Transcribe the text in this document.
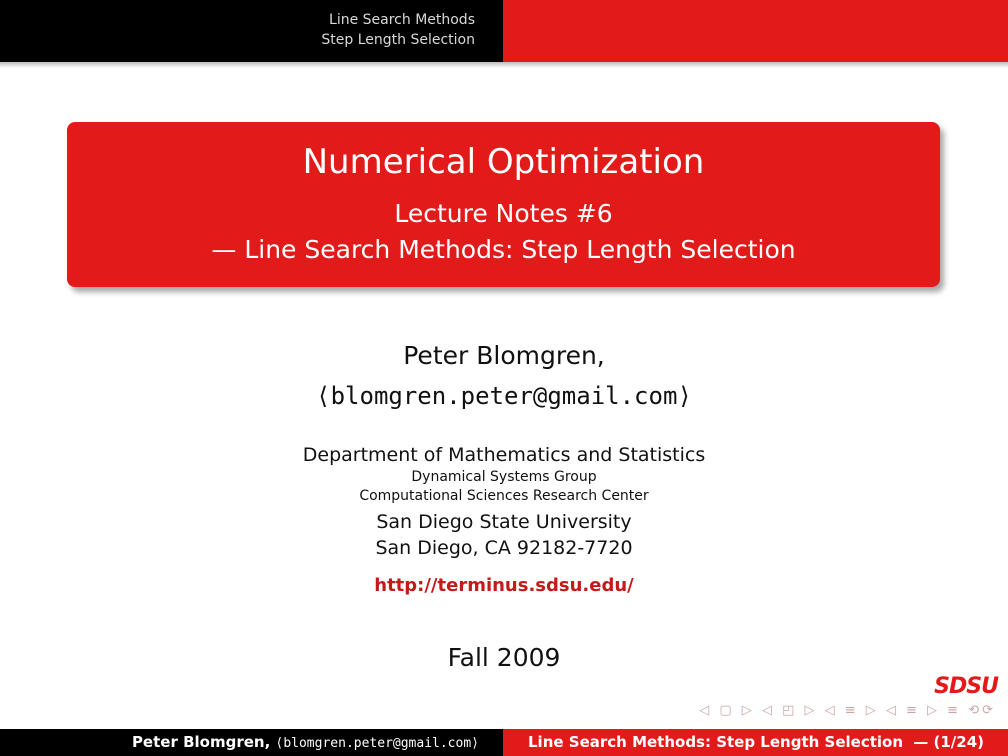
Line Search Methods
Step Length Selection
Numerical Optimization
Lecture Notes #6
— Line Search Methods: Step Length Selection
Peter Blomgren,
⟨blomgren.peter@gmail.com⟩
Department of Mathematics and Statistics
Dynamical Systems Group
Computational Sciences Research Center
San Diego State University
San Diego, CA 92182-7720
http://terminus.sdsu.edu/
Fall 2009
SDSU
◁ ▢ ▷ ◁ ◰ ▷ ◁ ≡ ▷ ◁ ≡ ▷ ≡ ⟲⟳
Peter Blomgren, ⟨blomgren.peter@gmail.com⟩	Line Search Methods: Step Length Selection — (1/24)
